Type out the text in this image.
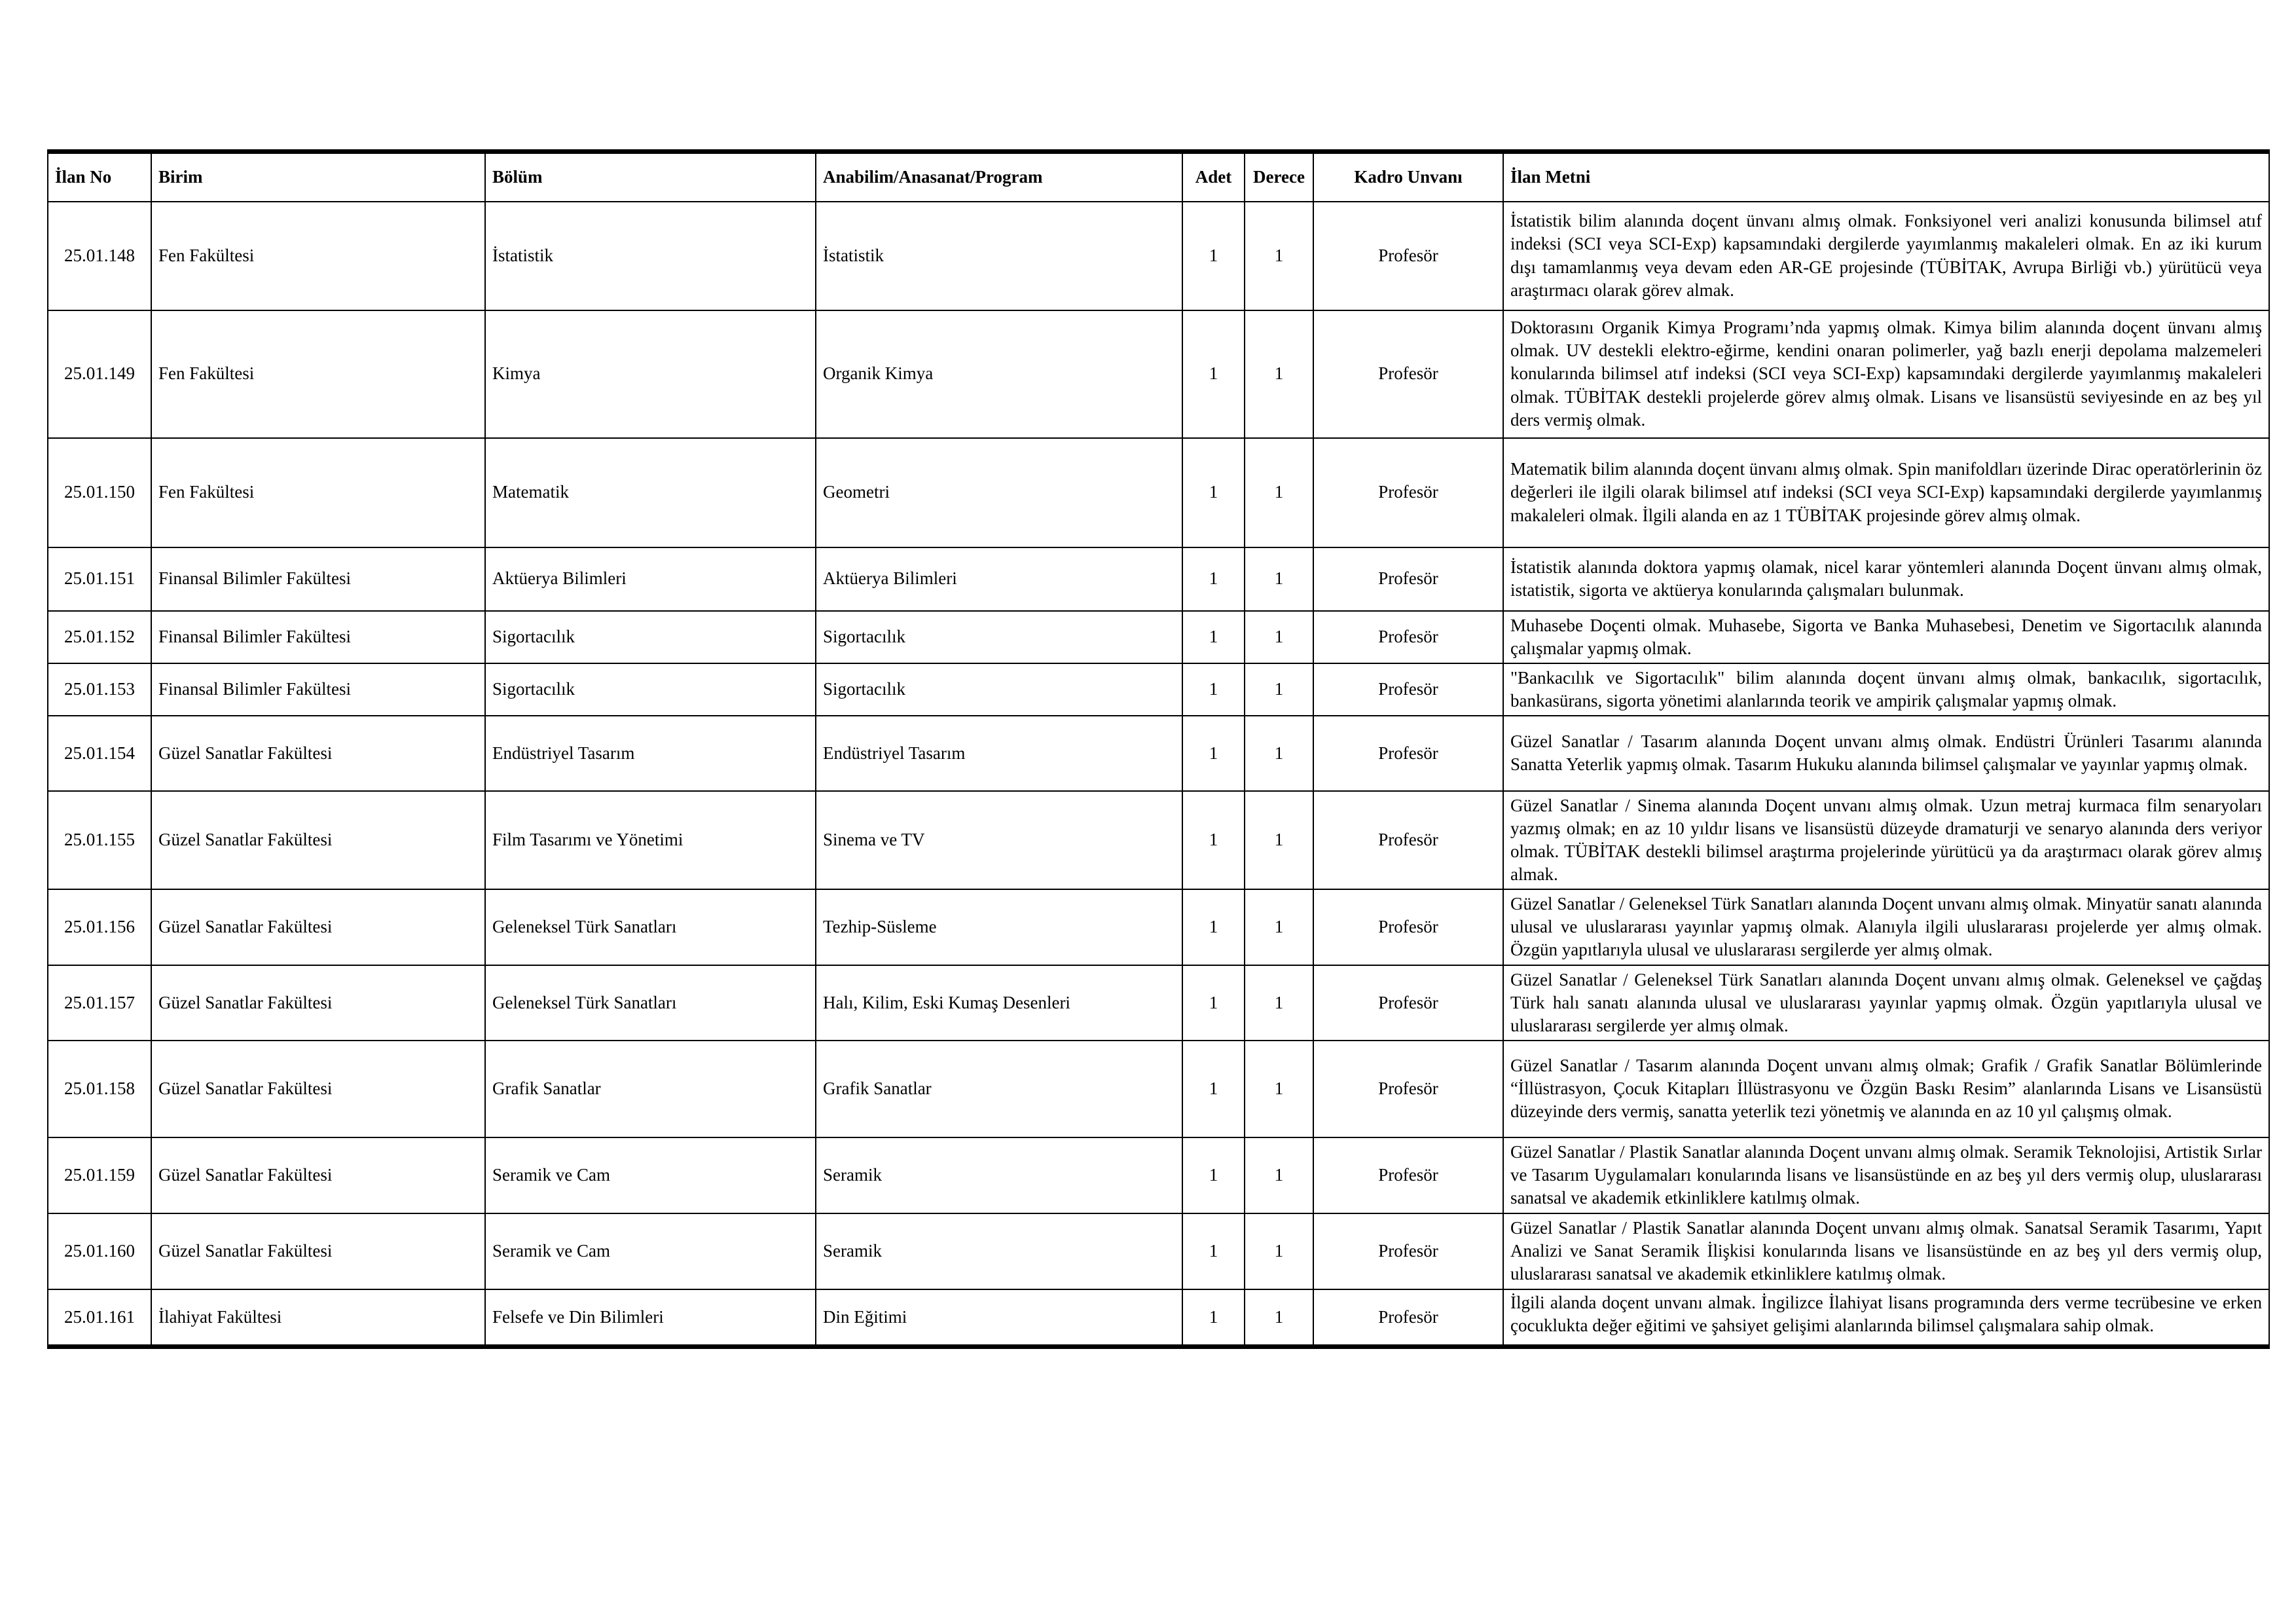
İlan No	Birim	Bölüm	Anabilim/Anasanat/Program	Adet	Derece	Kadro Unvanı	İlan Metni
25.01.148	Fen Fakültesi	İstatistik	İstatistik	1	1	Profesör	İstatistik bilim alanında doçent ünvanı almış olmak. Fonksiyonel veri analizi konusunda bilimsel atıf indeksi (SCI veya SCI-Exp) kapsamındaki dergilerde yayımlanmış makaleleri olmak. En az iki kurum dışı tamamlanmış veya devam eden AR-GE projesinde (TÜBİTAK, Avrupa Birliği vb.) yürütücü veya araştırmacı olarak görev almak.
25.01.149	Fen Fakültesi	Kimya	Organik Kimya	1	1	Profesör	Doktorasını Organik Kimya Programı’nda yapmış olmak. Kimya bilim alanında doçent ünvanı almış olmak. UV destekli elektro-eğirme, kendini onaran polimerler, yağ bazlı enerji depolama malzemeleri konularında bilimsel atıf indeksi (SCI veya SCI-Exp) kapsamındaki dergilerde yayımlanmış makaleleri olmak. TÜBİTAK destekli projelerde görev almış olmak. Lisans ve lisansüstü seviyesinde en az beş yıl ders vermiş olmak.
25.01.150	Fen Fakültesi	Matematik	Geometri	1	1	Profesör	Matematik bilim alanında doçent ünvanı almış olmak. Spin manifoldları üzerinde Dirac operatörlerinin öz değerleri ile ilgili olarak bilimsel atıf indeksi (SCI veya SCI-Exp) kapsamındaki dergilerde yayımlanmış makaleleri olmak. İlgili alanda en az 1 TÜBİTAK projesinde görev almış olmak.
25.01.151	Finansal Bilimler Fakültesi	Aktüerya Bilimleri	Aktüerya Bilimleri	1	1	Profesör	İstatistik alanında doktora yapmış olamak, nicel karar yöntemleri alanında Doçent ünvanı almış olmak, istatistik, sigorta ve aktüerya konularında çalışmaları bulunmak.
25.01.152	Finansal Bilimler Fakültesi	Sigortacılık	Sigortacılık	1	1	Profesör	Muhasebe Doçenti olmak. Muhasebe, Sigorta ve Banka Muhasebesi, Denetim ve Sigortacılık alanında çalışmalar yapmış olmak.
25.01.153	Finansal Bilimler Fakültesi	Sigortacılık	Sigortacılık	1	1	Profesör	"Bankacılık ve Sigortacılık" bilim alanında doçent ünvanı almış olmak, bankacılık, sigortacılık, bankasürans, sigorta yönetimi alanlarında teorik ve ampirik çalışmalar yapmış olmak.
25.01.154	Güzel Sanatlar Fakültesi	Endüstriyel Tasarım	Endüstriyel Tasarım	1	1	Profesör	Güzel Sanatlar / Tasarım alanında Doçent unvanı almış olmak. Endüstri Ürünleri Tasarımı alanında Sanatta Yeterlik yapmış olmak. Tasarım Hukuku alanında bilimsel çalışmalar ve yayınlar yapmış olmak.
25.01.155	Güzel Sanatlar Fakültesi	Film Tasarımı ve Yönetimi	Sinema ve TV	1	1	Profesör	Güzel Sanatlar / Sinema alanında Doçent unvanı almış olmak. Uzun metraj kurmaca film senaryoları yazmış olmak; en az 10 yıldır lisans ve lisansüstü düzeyde dramaturji ve senaryo alanında ders veriyor olmak. TÜBİTAK destekli bilimsel araştırma projelerinde yürütücü ya da araştırmacı olarak görev almış almak.
25.01.156	Güzel Sanatlar Fakültesi	Geleneksel Türk Sanatları	Tezhip-Süsleme	1	1	Profesör	Güzel Sanatlar / Geleneksel Türk Sanatları alanında Doçent unvanı almış olmak. Minyatür sanatı alanında ulusal ve uluslararası yayınlar yapmış olmak. Alanıyla ilgili uluslararası projelerde yer almış olmak. Özgün yapıtlarıyla ulusal ve uluslararası sergilerde yer almış olmak.
25.01.157	Güzel Sanatlar Fakültesi	Geleneksel Türk Sanatları	Halı, Kilim, Eski Kumaş Desenleri	1	1	Profesör	Güzel Sanatlar / Geleneksel Türk Sanatları alanında Doçent unvanı almış olmak. Geleneksel ve çağdaş Türk halı sanatı alanında ulusal ve uluslararası yayınlar yapmış olmak. Özgün yapıtlarıyla ulusal ve uluslararası sergilerde yer almış olmak.
25.01.158	Güzel Sanatlar Fakültesi	Grafik Sanatlar	Grafik Sanatlar	1	1	Profesör	Güzel Sanatlar / Tasarım alanında Doçent unvanı almış olmak; Grafik / Grafik Sanatlar Bölümlerinde “İllüstrasyon, Çocuk Kitapları İllüstrasyonu ve Özgün Baskı Resim” alanlarında Lisans ve Lisansüstü düzeyinde ders vermiş, sanatta yeterlik tezi yönetmiş ve alanında en az 10 yıl çalışmış olmak.
25.01.159	Güzel Sanatlar Fakültesi	Seramik ve Cam	Seramik	1	1	Profesör	Güzel Sanatlar / Plastik Sanatlar alanında Doçent unvanı almış olmak. Seramik Teknolojisi, Artistik Sırlar ve Tasarım Uygulamaları konularında lisans ve lisansüstünde en az beş yıl ders vermiş olup, uluslararası sanatsal ve akademik etkinliklere katılmış olmak.
25.01.160	Güzel Sanatlar Fakültesi	Seramik ve Cam	Seramik	1	1	Profesör	Güzel Sanatlar / Plastik Sanatlar alanında Doçent unvanı almış olmak. Sanatsal Seramik Tasarımı, Yapıt Analizi ve Sanat Seramik İlişkisi konularında lisans ve lisansüstünde en az beş yıl ders vermiş olup, uluslararası sanatsal ve akademik etkinliklere katılmış olmak.
25.01.161	İlahiyat Fakültesi	Felsefe ve Din Bilimleri	Din Eğitimi	1	1	Profesör	İlgili alanda doçent unvanı almak. İngilizce İlahiyat lisans programında ders verme tecrübesine ve erken çocuklukta değer eğitimi ve şahsiyet gelişimi alanlarında bilimsel çalışmalara sahip olmak.
